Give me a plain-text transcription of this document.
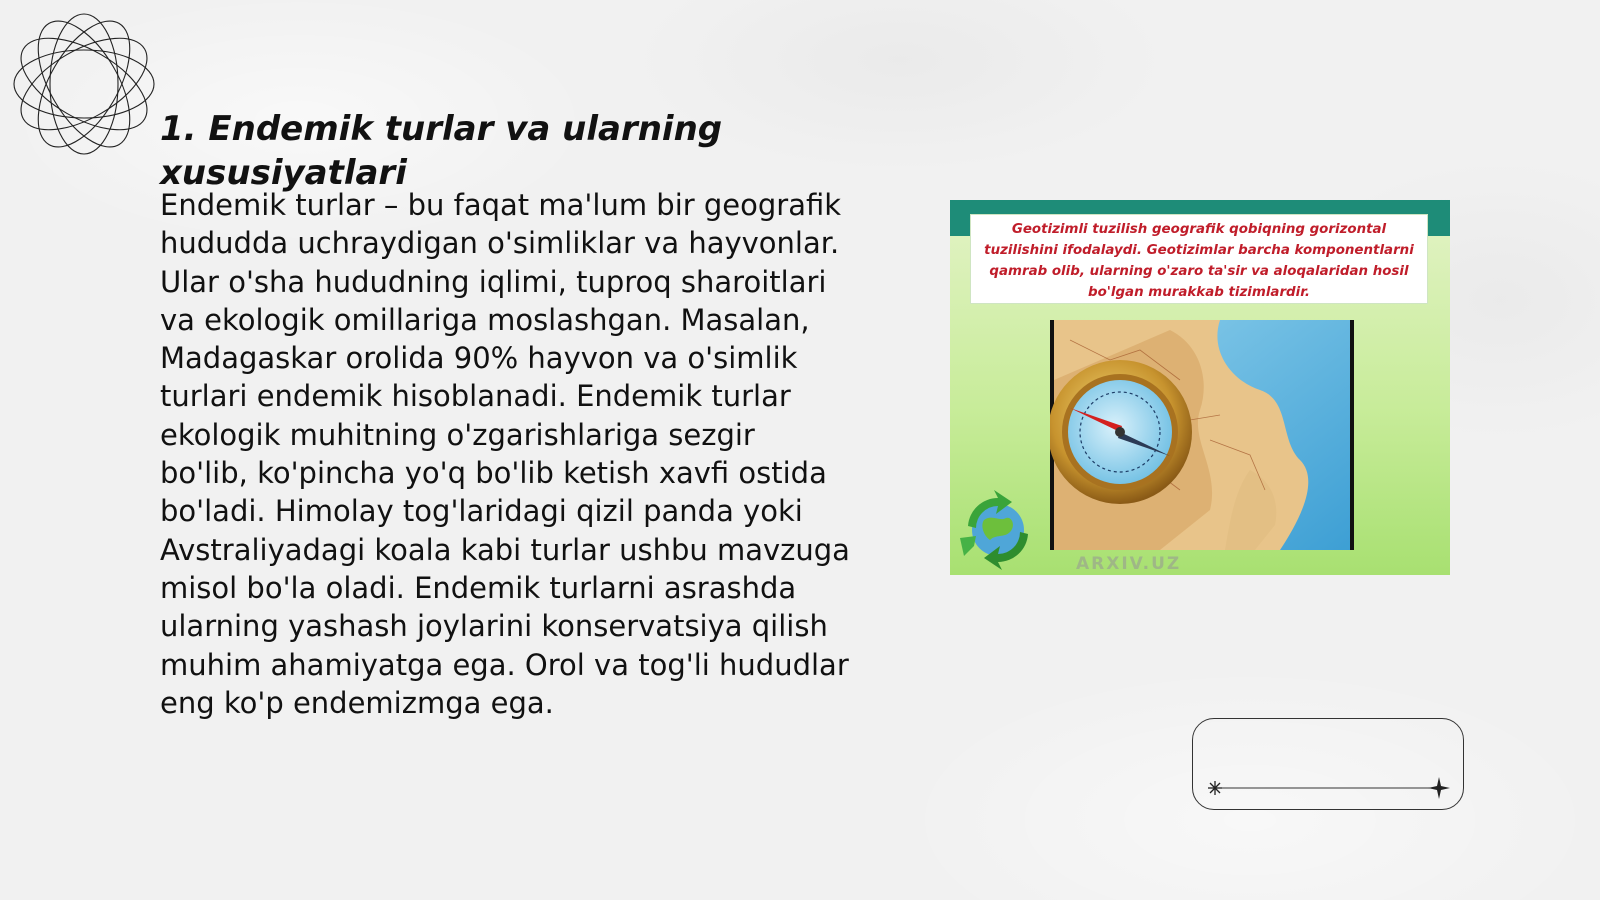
1. Endemik turlar va ularning xususiyatlari

Endemik turlar – bu faqat ma'lum bir geografik hududda uchraydigan o'simliklar va hayvonlar. Ular o'sha hududning iqlimi, tuproq sharoitlari va ekologik omillariga moslashgan. Masalan, Madagaskar orolida 90% hayvon va o'simlik turlari endemik hisoblanadi. Endemik turlar ekologik muhitning o'zgarishlariga sezgir bo'lib, ko'pincha yo'q bo'lib ketish xavfi ostida bo'ladi. Himolay tog'laridagi qizil panda yoki Avstraliyadagi koala kabi turlar ushbu mavzuga misol bo'la oladi. Endemik turlarni asrashda ularning yashash joylarini konservatsiya qilish muhim ahamiyatga ega. Orol va tog'li hududlar eng ko'p endemizmga ega.

Geotizimli tuzilish geografik qobiqning gorizontal tuzilishini ifodalaydi. Geotizimlar barcha komponentlarni qamrab olib, ularning o'zaro ta'sir va aloqalaridan hosil bo'lgan murakkab tizimlardir.
ARXIV.UZ
